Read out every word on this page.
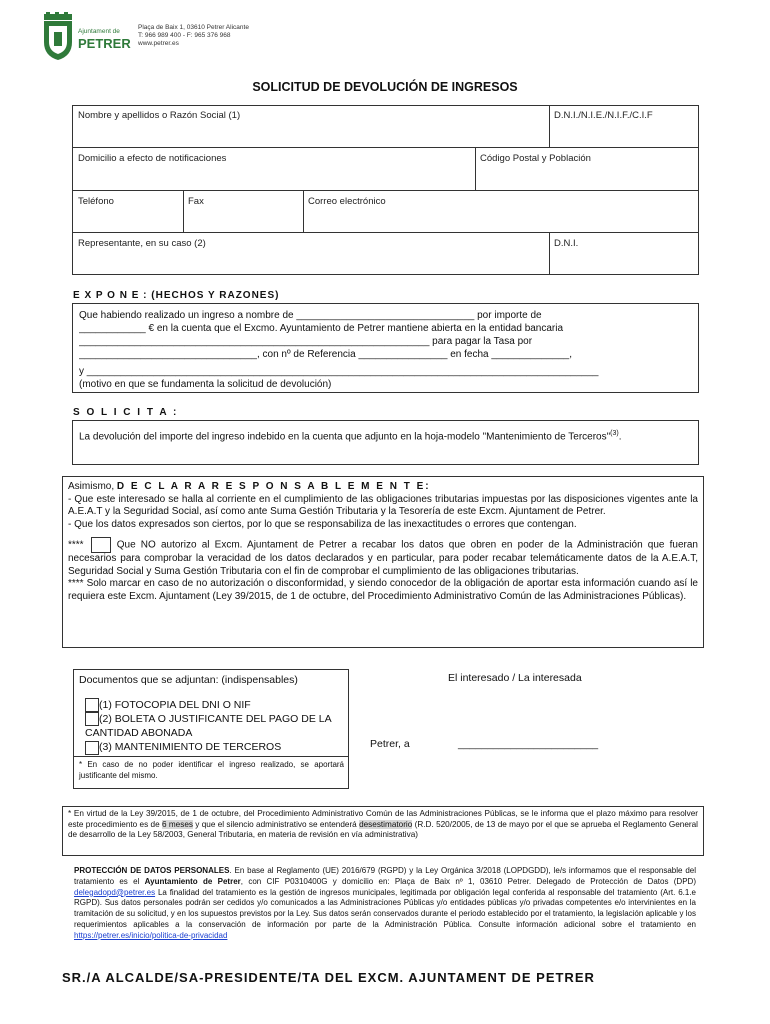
Ajuntament de
PETRER
Plaça de Baix 1, 03610 Petrer Alicante
T: 966 989 400 - F: 965 376 968
www.petrer.es
SOLICITUD DE DEVOLUCIÓN DE INGRESOS
Nombre y apellidos o Razón Social (1)	D.N.I./N.I.E./N.I.F./C.I.F
Domicilio a efecto de notificaciones	Código Postal y Población
Teléfono	Fax	Correo electrónico
Representante, en su caso (2)	D.N.I.
E X P O N E : (HECHOS Y RAZONES)
Que habiendo realizado un ingreso a nombre de ________________________________ por importe de
____________ € en la cuenta que el Excmo. Ayuntamiento de Petrer mantiene abierta en la entidad bancaria
_______________________________________________________________ para pagar la Tasa por
________________________________, con nº de Referencia ________________ en fecha ______________,
y ____________________________________________________________________________________________
(motivo en que se fundamenta la solicitud de devolución)
S O L I C I T A :
La devolución del importe del ingreso indebido en la cuenta que adjunto en la hoja-modelo "Mantenimiento de Terceros"$^{(3)}$.
Asimismo, D E C L A R A R E S P O N S A B L E M E N T E:
- Que este interesado se halla al corriente en el cumplimiento de las obligaciones tributarias impuestas por las disposiciones vigentes ante la A.E.A.T y la Seguridad Social, así como ante Suma Gestión Tributaria y la Tesorería de este Excm. Ajuntament de Petrer.
- Que los datos expresados son ciertos, por lo que se responsabiliza de las inexactitudes o errores que contengan.
****	Que NO autorizo al Excm. Ajuntament de Petrer a recabar los datos que obren en poder de la Administración que fueran necesarios para comprobar la veracidad de los datos declarados y en particular, para poder recabar telemáticamente datos de la A.E.A.T, Seguridad Social y Suma Gestión Tributaria con el fin de comprobar el cumplimiento de las obligaciones tributarias.
**** Solo marcar en caso de no autorización o disconformidad, y siendo conocedor de la obligación de aportar esta información cuando así le requiera este Excm. Ajuntament (Ley 39/2015, de 1 de octubre, del Procedimiento Administrativo Común de las Administraciones Públicas).
Documentos que se adjuntan: (indispensables)
(1) FOTOCOPIA DEL DNI O NIF
(2) BOLETA O JUSTIFICANTE DEL PAGO DE LA CANTIDAD ABONADA
(3) MANTENIMIENTO DE TERCEROS
* En caso de no poder identificar el ingreso realizado, se aportará justificante del mismo.
El interesado / La interesada
Petrer, a	________________________
* En virtud de la Ley 39/2015, de 1 de octubre, del Procedimiento Administrativo Común de las Administraciones Públicas, se le informa que el plazo máximo para resolver este procedimiento es de 6 meses y que el silencio administrativo se entenderá desestimatorio (R.D. 520/2005, de 13 de mayo por el que se aprueba el Reglamento General de desarrollo de la Ley 58/2003, General Tributaria, en materia de revisión en vía administrativa)
PROTECCIÓN DE DATOS PERSONALES. En base al Reglamento (UE) 2016/679 (RGPD) y la Ley Orgánica 3/2018 (LOPDGDD), le/s informamos que el responsable del tratamiento es el Ayuntamiento de Petrer, con CIF P0310400G y domicilio en: Plaça de Baix nº 1, 03610 Petrer. Delegado de Protección de Datos (DPD) delegadopd@petrer.es La finalidad del tratamiento es la gestión de ingresos municipales, legitimada por obligación legal conferida al responsable del tratamiento (Art. 6.1.e RGPD). Sus datos personales podrán ser cedidos y/o comunicados a las Administraciones Públicas y/o entidades públicas y/o privadas competentes e/o intervinientes en la tramitación de su solicitud, y en los supuestos previstos por la Ley. Sus datos serán conservados durante el periodo establecido por el tratamiento, la legislación aplicable y los requerimientos aplicables a la conservación de información por parte de la Administración Pública. Consulte información adicional sobre el tratamiento en https://petrer.es/inicio/politica-de-privacidad
SR./A ALCALDE/SA-PRESIDENTE/TA DEL EXCM. AJUNTAMENT DE PETRER
